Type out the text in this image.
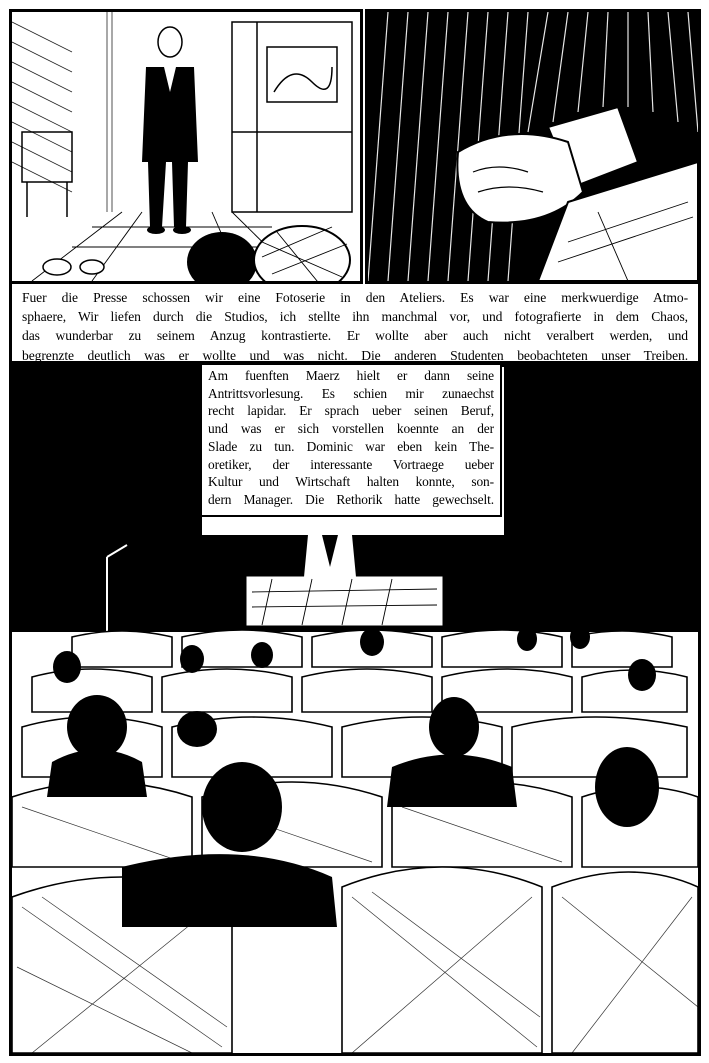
Fuer die Presse schossen wir eine Fotoserie in den Ateliers. Es war eine merkwuerdige Atmo-
sphaere, Wir liefen durch die Studios, ich stellte ihn manchmal vor, und fotografierte in dem Chaos,
das wunderbar zu seinem Anzug kontrastierte. Er wollte aber auch nicht veralbert werden, und
begrenzte deutlich was er wollte und was nicht. Die anderen Studenten beobachteten unser Treiben.
Am fuenften Maerz hielt er dann seine
Antrittsvorlesung. Es schien mir zunaechst
recht lapidar. Er sprach ueber seinen Beruf,
und was er sich vorstellen koennte an der
Slade zu tun. Dominic war eben kein The-
oretiker, der interessante Vortraege ueber
Kultur und Wirtschaft halten konnte, son-
dern Manager. Die Rethorik hatte gewechselt.
